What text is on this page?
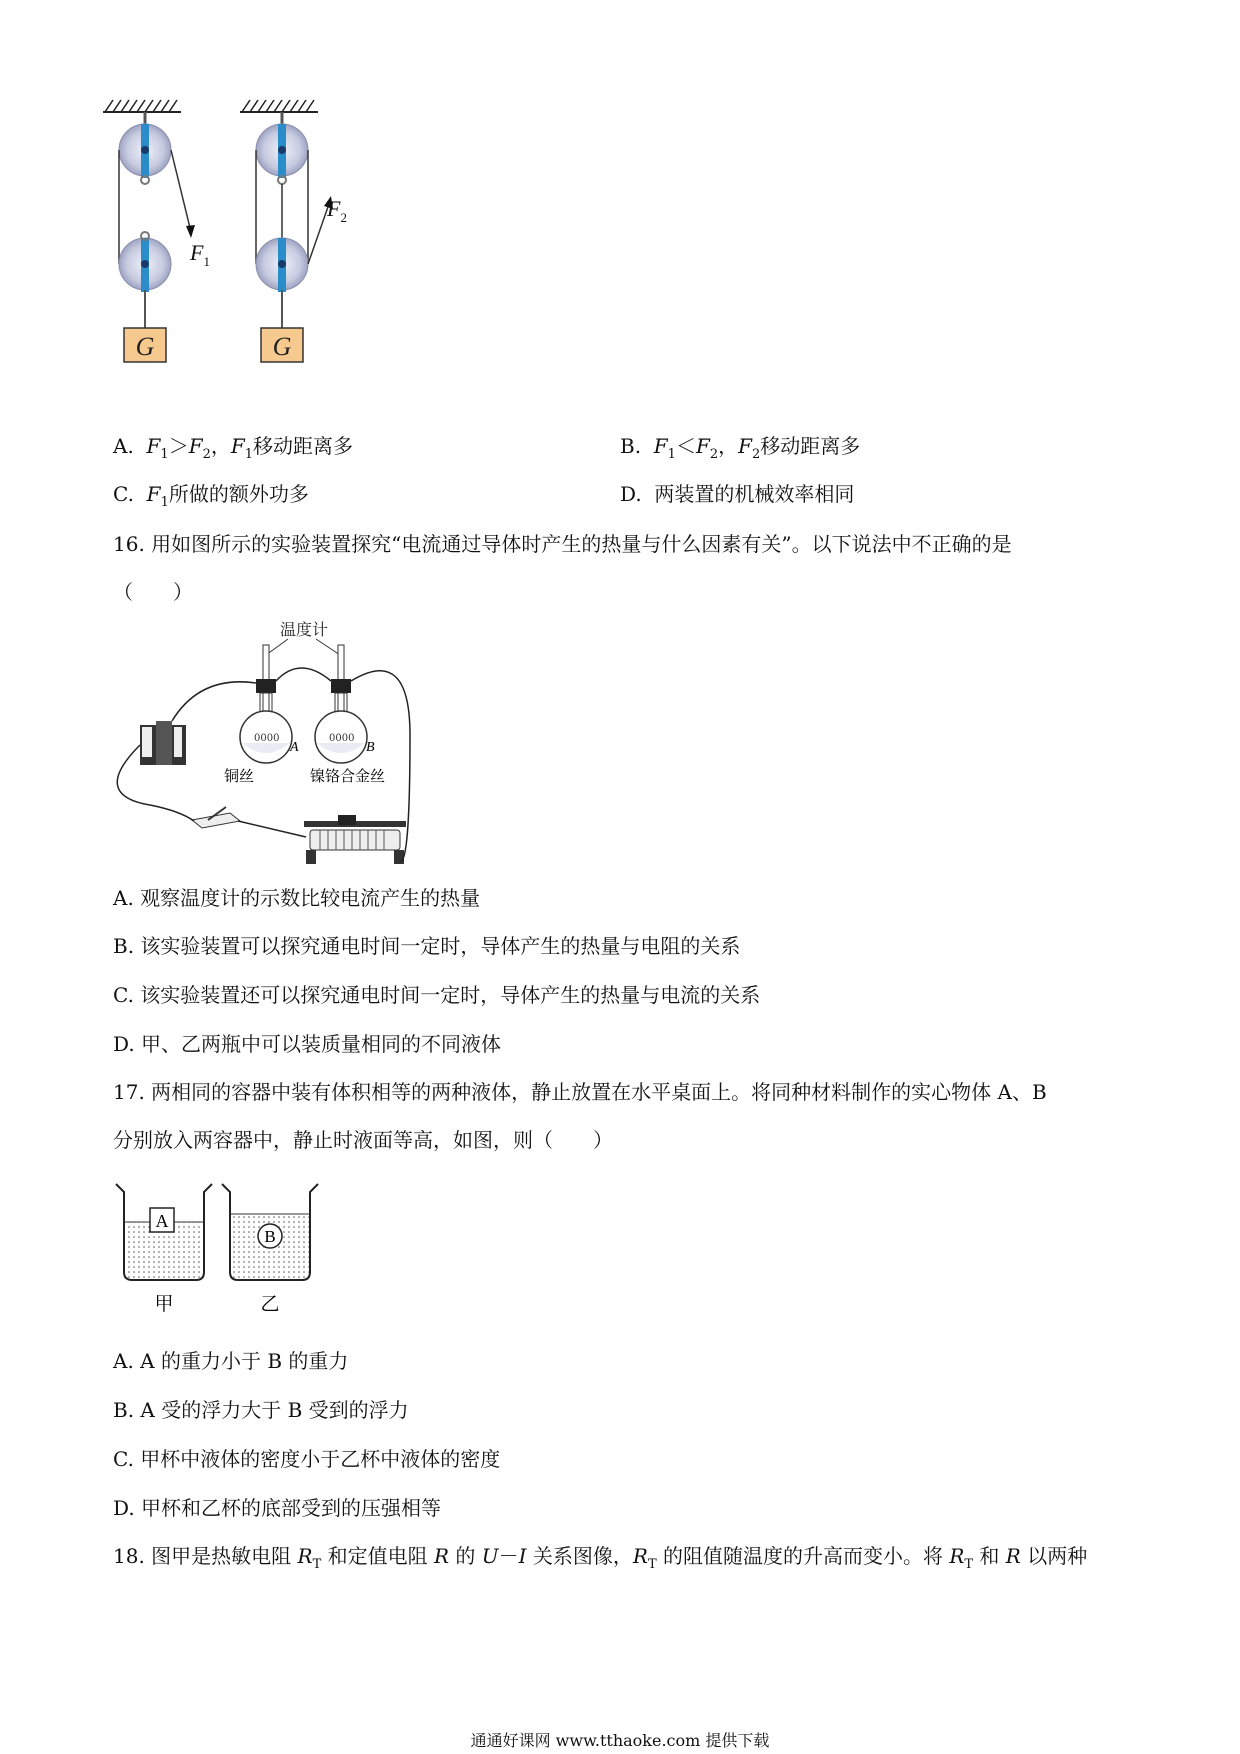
G
$F_1$
G
$F_2$
A. $F_1>F_2$，$F_1$移动距离多	B. $F_1<F_2$，$F_2$移动距离多
C. $F_1$所做的额外功多	D. 两装置的机械效率相同
16. 用如图所示的实验装置探究“电流通过导体时产生的热量与什么因素有关”。以下说法中不正确的是
（　　）
温度计
0000	0000
A	B
铜丝	镍铬合金丝
A. 观察温度计的示数比较电流产生的热量
B. 该实验装置可以探究通电时间一定时，导体产生的热量与电阻的关系
C. 该实验装置还可以探究通电时间一定时，导体产生的热量与电流的关系
D. 甲、乙两瓶中可以装质量相同的不同液体
17. 两相同的容器中装有体积相等的两种液体，静止放置在水平桌面上。将同种材料制作的实心物体 A、B
分别放入两容器中，静止时液面等高，如图，则（　　）
A
B
甲	乙
A. A 的重力小于 B 的重力
B. A 受的浮力大于 B 受到的浮力
C. 甲杯中液体的密度小于乙杯中液体的密度
D. 甲杯和乙杯的底部受到的压强相等
18. 图甲是热敏电阻 $R_T$ 和定值电阻 R 的 U－I 关系图像，$R_T$ 的阻值随温度的升高而变小。将 $R_T$ 和 R 以两种
通通好课网 www.tthaoke.com 提供下载
